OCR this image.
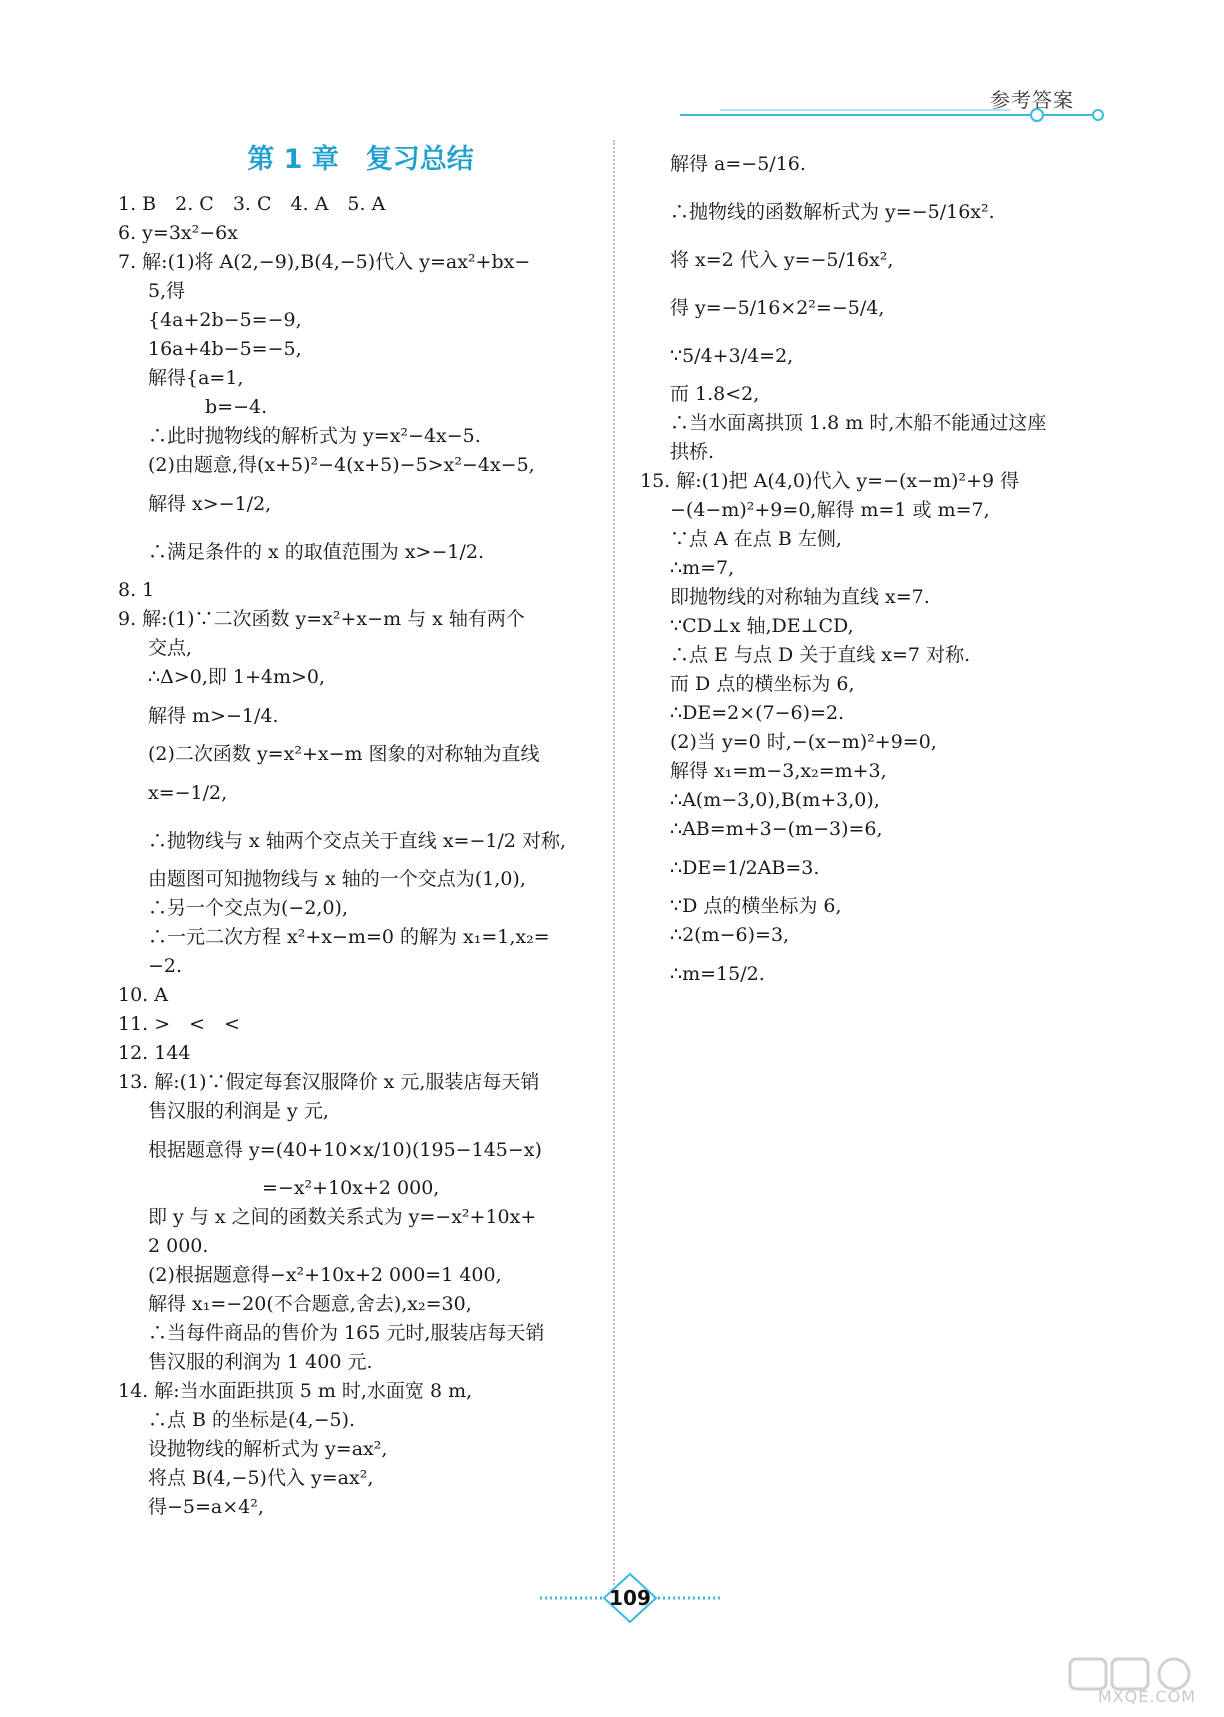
参考答案
第 1 章　复习总结
1. B　2. C　3. C　4. A　5. A
6. y=3x²−6x
7. 解:(1)将 A(2,−9),B(4,−5)代入 y=ax²+bx−
5,得
{4a+2b−5=−9,
16a+4b−5=−5,
解得{a=1,
　　　b=−4.
∴此时抛物线的解析式为 y=x²−4x−5.
(2)由题意,得(x+5)²−4(x+5)−5>x²−4x−5,
解得 x>−1/2,
∴满足条件的 x 的取值范围为 x>−1/2.
8. 1
9. 解:(1)∵二次函数 y=x²+x−m 与 x 轴有两个
交点,
∴Δ>0,即 1+4m>0,
解得 m>−1/4.
(2)二次函数 y=x²+x−m 图象的对称轴为直线
x=−1/2,
∴抛物线与 x 轴两个交点关于直线 x=−1/2 对称,
由题图可知抛物线与 x 轴的一个交点为(1,0),
∴另一个交点为(−2,0),
∴一元二次方程 x²+x−m=0 的解为 x₁=1,x₂=
−2.
10. A
11. >　<　<
12. 144
13. 解:(1)∵假定每套汉服降价 x 元,服装店每天销
售汉服的利润是 y 元,
根据题意得 y=(40+10×x/10)(195−145−x)
　　　　　　=−x²+10x+2 000,
即 y 与 x 之间的函数关系式为 y=−x²+10x+
2 000.
(2)根据题意得−x²+10x+2 000=1 400,
解得 x₁=−20(不合题意,舍去),x₂=30,
∴当每件商品的售价为 165 元时,服装店每天销
售汉服的利润为 1 400 元.
14. 解:当水面距拱顶 5 m 时,水面宽 8 m,
∴点 B 的坐标是(4,−5).
设抛物线的解析式为 y=ax²,
将点 B(4,−5)代入 y=ax²,
得−5=a×4²,
解得 a=−5/16.
∴抛物线的函数解析式为 y=−5/16x².
将 x=2 代入 y=−5/16x²,
得 y=−5/16×2²=−5/4,
∵5/4+3/4=2,
而 1.8<2,
∴当水面离拱顶 1.8 m 时,木船不能通过这座
拱桥.
15. 解:(1)把 A(4,0)代入 y=−(x−m)²+9 得
−(4−m)²+9=0,解得 m=1 或 m=7,
∵点 A 在点 B 左侧,
∴m=7,
即抛物线的对称轴为直线 x=7.
∵CD⊥x 轴,DE⊥CD,
∴点 E 与点 D 关于直线 x=7 对称.
而 D 点的横坐标为 6,
∴DE=2×(7−6)=2.
(2)当 y=0 时,−(x−m)²+9=0,
解得 x₁=m−3,x₂=m+3,
∴A(m−3,0),B(m+3,0),
∴AB=m+3−(m−3)=6,
∴DE=1/2AB=3.
∵D 点的横坐标为 6,
∴2(m−6)=3,
∴m=15/2.
109
MXQE.COM
